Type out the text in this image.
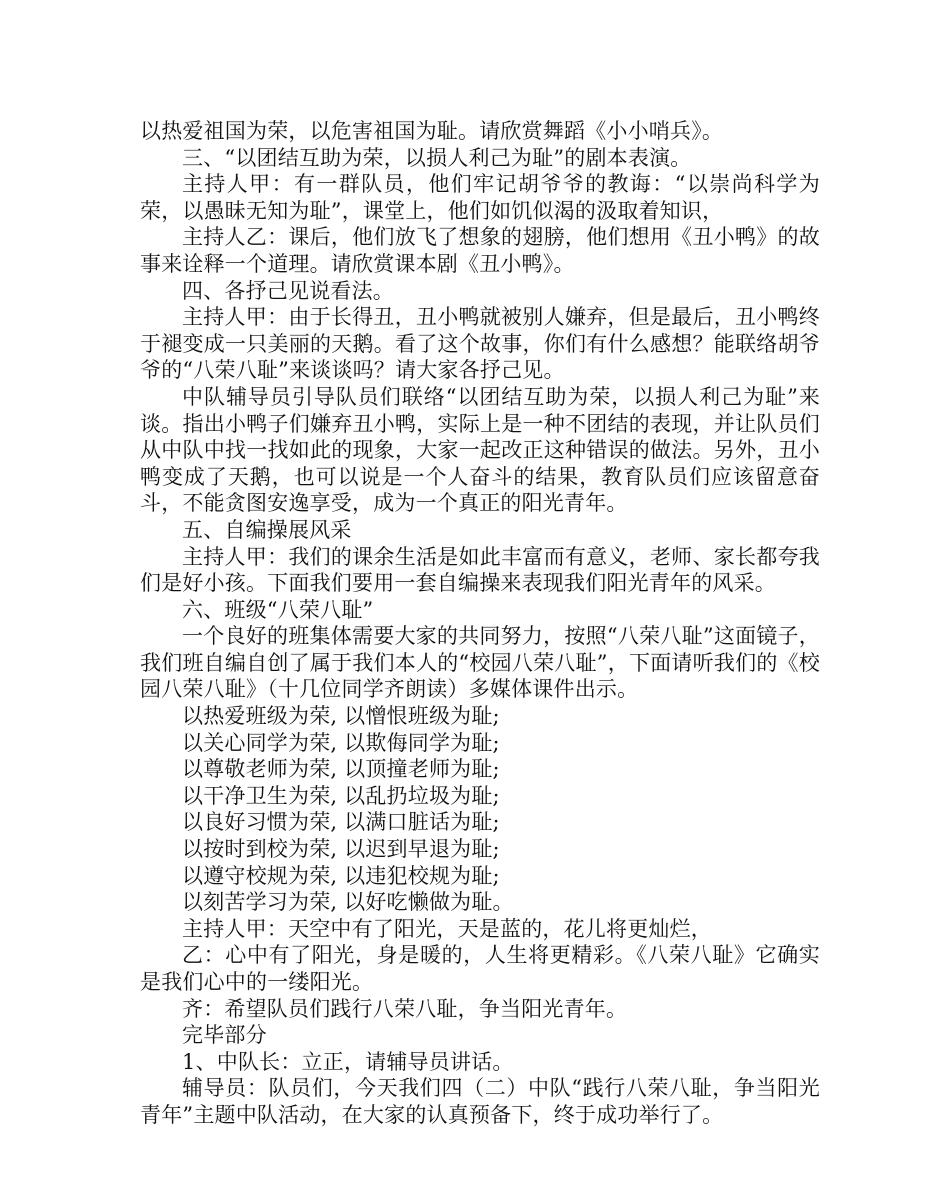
以热爱祖国为荣，以危害祖国为耻。请欣赏舞蹈《小小哨兵》。

三、“以团结互助为荣，以损人利己为耻”的剧本表演。

主持人甲：有一群队员，他们牢记胡爷爷的教诲：“以崇尚科学为荣，以愚昧无知为耻”，课堂上，他们如饥似渴的汲取着知识，

主持人乙：课后，他们放飞了想象的翅膀，他们想用《丑小鸭》的故事来诠释一个道理。请欣赏课本剧《丑小鸭》。

四、各抒己见说看法。

主持人甲：由于长得丑，丑小鸭就被别人嫌弃，但是最后，丑小鸭终于褪变成一只美丽的天鹅。看了这个故事，你们有什么感想？能联络胡爷爷的“八荣八耻”来谈谈吗？请大家各抒己见。

中队辅导员引导队员们联络“以团结互助为荣，以损人利己为耻”来谈。指出小鸭子们嫌弃丑小鸭，实际上是一种不团结的表现，并让队员们从中队中找一找如此的现象，大家一起改正这种错误的做法。另外，丑小鸭变成了天鹅，也可以说是一个人奋斗的结果，教育队员们应该留意奋斗，不能贪图安逸享受，成为一个真正的阳光青年。

五、自编操展风采

主持人甲：我们的课余生活是如此丰富而有意义，老师、家长都夸我们是好小孩。下面我们要用一套自编操来表现我们阳光青年的风采。

六、班级“八荣八耻”

一个良好的班集体需要大家的共同努力，按照“八荣八耻”这面镜子，我们班自编自创了属于我们本人的“校园八荣八耻”，下面请听我们的《校园八荣八耻》（十几位同学齐朗读）多媒体课件出示。

以热爱班级为荣, 以憎恨班级为耻;

以关心同学为荣, 以欺侮同学为耻;

以尊敬老师为荣, 以顶撞老师为耻;

以干净卫生为荣, 以乱扔垃圾为耻;

以良好习惯为荣, 以满口脏话为耻;

以按时到校为荣, 以迟到早退为耻;

以遵守校规为荣, 以违犯校规为耻;

以刻苦学习为荣, 以好吃懒做为耻。

主持人甲：天空中有了阳光，天是蓝的，花儿将更灿烂，

乙：心中有了阳光，身是暖的，人生将更精彩。《八荣八耻》它确实是我们心中的一缕阳光。

齐：希望队员们践行八荣八耻，争当阳光青年。

完毕部分

1、中队长：立正，请辅导员讲话。

辅导员：队员们，今天我们四（二）中队“践行八荣八耻，争当阳光青年”主题中队活动，在大家的认真预备下，终于成功举行了。
